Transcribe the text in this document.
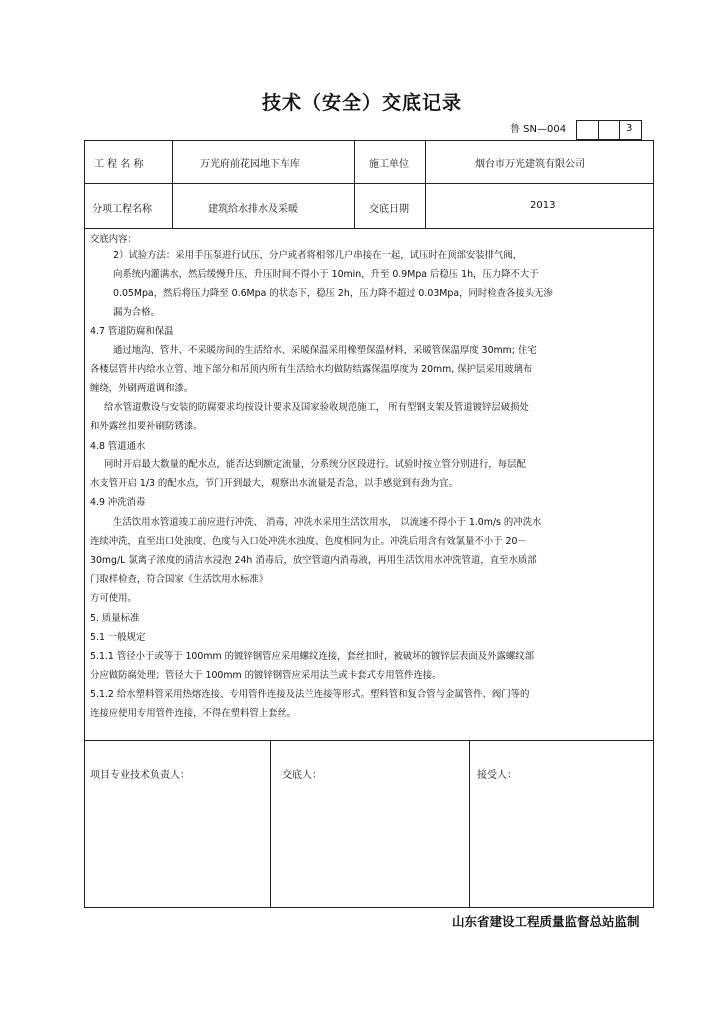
技术（安全）交底记录
鲁 SN—004	3
工 程 名 称	万光府前花园地下车库	施工单位	烟台市万光建筑有限公司
分项工程名称	建筑给水排水及采暖	交底日期	2013
交底内容：
2）试验方法：采用手压泵进行试压，分户或者将相邻几户串接在一起，试压时在顶部安装排气阀，
向系统内灌满水，然后缓慢升压，升压时间不得小于 10min，升至 0.9Mpa 后稳压 1h，压力降不大于
0.05Mpa，然后将压力降至 0.6Mpa 的状态下，稳压 2h，压力降不超过 0.03Mpa，同时检查各接头无渗
漏为合格。
4.7 管道防腐和保温
通过地沟、管井、不采暖房间的生活给水、采暖保温采用橡塑保温材料，采暖管保温厚度 30mm; 住宅
各楼层管井内给水立管、地下部分和吊顶内所有生活给水均做防结露保温厚度为 20mm, 保护层采用玻璃布
缠绕，外刷两道调和漆。
给水管道敷设与安装的防腐要求均按设计要求及国家验收规范施工， 所有型钢支架及管道镀锌层破损处
和外露丝扣要补刷防锈漆。
4.8 管道通水
同时开启最大数量的配水点，能否达到额定流量，分系统分区段进行。试验时按立管分别进行，每层配
水支管开启 1/3 的配水点，节门开到最大，观察出水流量是否急，以手感觉到有劲为宜。
4.9 冲洗消毒
生活饮用水管道竣工前应进行冲洗、 消毒，冲洗水采用生活饮用水， 以流速不得小于 1.0m/s 的冲洗水
连续冲洗，直至出口处浊度、色度与入口处冲洗水浊度、色度相同为止。冲洗后用含有效氯量不小于 20－
30mg/L 氯离子浓度的清洁水浸泡 24h 消毒后，放空管道内消毒液，再用生活饮用水冲洗管道，直至水质部
门取样检查，符合国家《生活饮用水标准》
方可使用。
5. 质量标准
5.1 一般规定
5.1.1 管径小于或等于 100mm 的镀锌钢管应采用螺纹连接，套丝扣时，被破坏的镀锌层表面及外露螺纹部
分应做防腐处理；管径大于 100mm 的镀锌钢管应采用法兰或卡套式专用管件连接。
5.1.2 给水塑料管采用热熔连接、专用管件连接及法兰连接等形式。塑料管和复合管与金属管件、阀门等的
连接应使用专用管件连接，不得在塑料管上套丝。
项目专业技术负责人：	交底人：	接受人：
山东省建设工程质量监督总站监制
